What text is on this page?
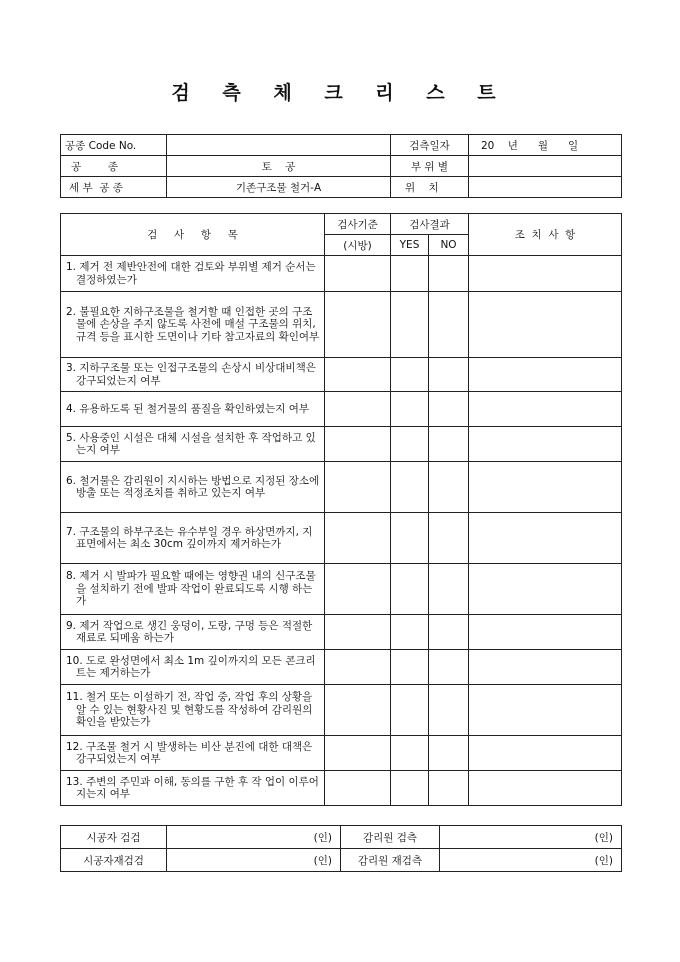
검 측 체 크 리 스 트
공종 Code No.		검측일자	20    년      월      일
공        종	토    공	부 위 별	
세 부  공 종	기존구조물 철거-A	위    치	
검     사     항     목	검사기준	검사결과		조  치  사  항
	(시방)	YES	NO	

1. 제거 전 제반안전에 대한 검토와 부위별 제거 순서는 결정하였는가				

2. 불필요한 지하구조물을 철거할 때 인접한 곳의 구조물에 손상을 주지 않도록 사전에 매설 구조물의 위치, 규격 등을 표시한 도면이나 기타 참고자료의 확인여부				

3. 지하구조물 또는 인접구조물의 손상시 비상대비책은 강구되었는지 여부				

4. 유용하도록 된 철거물의 품질을 확인하였는지 여부				

5. 사용중인 시설은 대체 시설을 설치한 후 작업하고 있는지 여부				

6. 철거물은 감리원이 지시하는 방법으로 지정된 장소에 방출 또는 적정조치를 취하고 있는지 여부				

7. 구조물의 하부구조는 유수부일 경우 하상면까지, 지표면에서는 최소 30cm 깊이까지 제거하는가				

8. 제거 시 발파가 필요할 때에는 영향권 내의 신구조물을 설치하기 전에 발파 작업이 완료되도록 시행 하는가				

9. 제거 작업으로 생긴 웅덩이, 도랑, 구멍 등은 적절한 재료로 되메움 하는가				

10. 도로 완성면에서 최소 1m 깊이까지의 모든 콘크리트는 제거하는가				

11. 철거 또는 이설하기 전, 작업 중, 작업 후의 상황을 알 수 있는 현황사진 및 현황도를 작성하여 감리원의 확인을 받았는가				

12. 구조물 철거 시 발생하는 비산 분진에 대한 대책은 강구되었는지 여부				

13. 주변의 주민과 이해, 동의를 구한 후 작 업이 이루어지는지 여부				

시공자 검검	(인)	감리원 검측	(인)
시공자재검검	(인)	감리원 재검측	(인)
